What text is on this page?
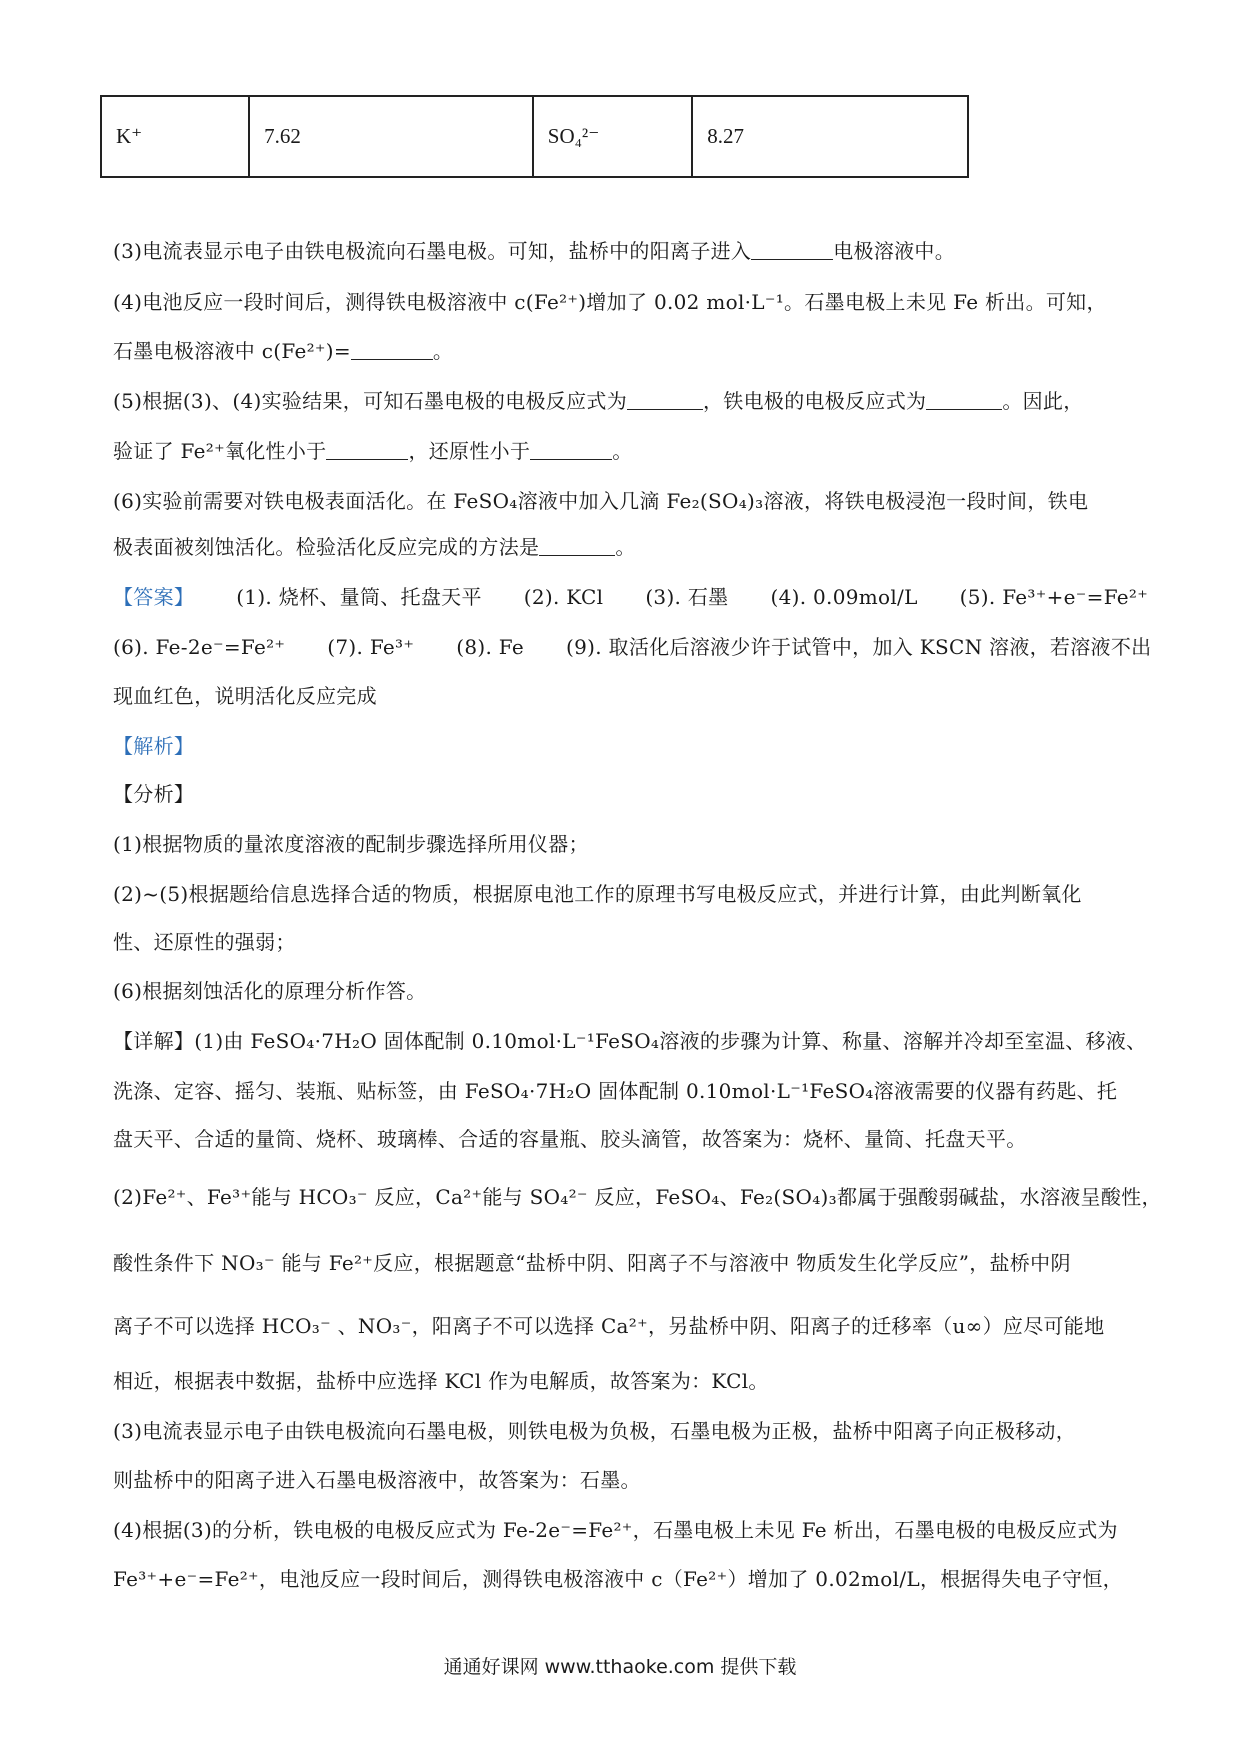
K⁺	7.62	SO₄²⁻	8.27
(3)电流表显示电子由铁电极流向石墨电极。可知，盐桥中的阳离子进入	电极溶液中。
(4)电池反应一段时间后，测得铁电极溶液中 c(Fe²⁺)增加了 0.02 mol·L⁻¹。石墨电极上未见 Fe 析出。可知，
石墨电极溶液中 c(Fe²⁺)=	。
(5)根据(3)、(4)实验结果，可知石墨电极的电极反应式为	，铁电极的电极反应式为	。因此，
验证了 Fe²⁺氧化性小于	，还原性小于	。
(6)实验前需要对铁电极表面活化。在 FeSO₄溶液中加入几滴 Fe₂(SO₄)₃溶液，将铁电极浸泡一段时间，铁电
极表面被刻蚀活化。检验活化反应完成的方法是	。
【答案】 (1). 烧杯、量筒、托盘天平 (2). KCl (3). 石墨 (4). 0.09mol/L (5). Fe³⁺+e⁻=Fe²⁺
(6). Fe-2e⁻=Fe²⁺ (7). Fe³⁺ (8). Fe (9). 取活化后溶液少许于试管中，加入 KSCN 溶液，若溶液不出
现血红色，说明活化反应完成
【解析】
【分析】
(1)根据物质的量浓度溶液的配制步骤选择所用仪器；
(2)~(5)根据题给信息选择合适的物质，根据原电池工作的原理书写电极反应式，并进行计算，由此判断氧化
性、还原性的强弱；
(6)根据刻蚀活化的原理分析作答。
【详解】(1)由 FeSO₄·7H₂O 固体配制 0.10mol·L⁻¹FeSO₄溶液的步骤为计算、称量、溶解并冷却至室温、移液、
洗涤、定容、摇匀、装瓶、贴标签，由 FeSO₄·7H₂O 固体配制 0.10mol·L⁻¹FeSO₄溶液需要的仪器有药匙、托
盘天平、合适的量筒、烧杯、玻璃棒、合适的容量瓶、胶头滴管，故答案为：烧杯、量筒、托盘天平。
(2)Fe²⁺、Fe³⁺能与 HCO₃⁻ 反应，Ca²⁺能与 SO₄²⁻ 反应，FeSO₄、Fe₂(SO₄)₃都属于强酸弱碱盐，水溶液呈酸性，
酸性条件下 NO₃⁻ 能与 Fe²⁺反应，根据题意“盐桥中阴、阳离子不与溶液中 物质发生化学反应”，盐桥中阴
离子不可以选择 HCO₃⁻ 、NO₃⁻，阳离子不可以选择 Ca²⁺，另盐桥中阴、阳离子的迁移率（u∞）应尽可能地
相近，根据表中数据，盐桥中应选择 KCl 作为电解质，故答案为：KCl。
(3)电流表显示电子由铁电极流向石墨电极，则铁电极为负极，石墨电极为正极，盐桥中阳离子向正极移动，
则盐桥中的阳离子进入石墨电极溶液中，故答案为：石墨。
(4)根据(3)的分析，铁电极的电极反应式为 Fe-2e⁻=Fe²⁺，石墨电极上未见 Fe 析出，石墨电极的电极反应式为
Fe³⁺+e⁻=Fe²⁺，电池反应一段时间后，测得铁电极溶液中 c（Fe²⁺）增加了 0.02mol/L，根据得失电子守恒，
通通好课网 www.tthaoke.com 提供下载
